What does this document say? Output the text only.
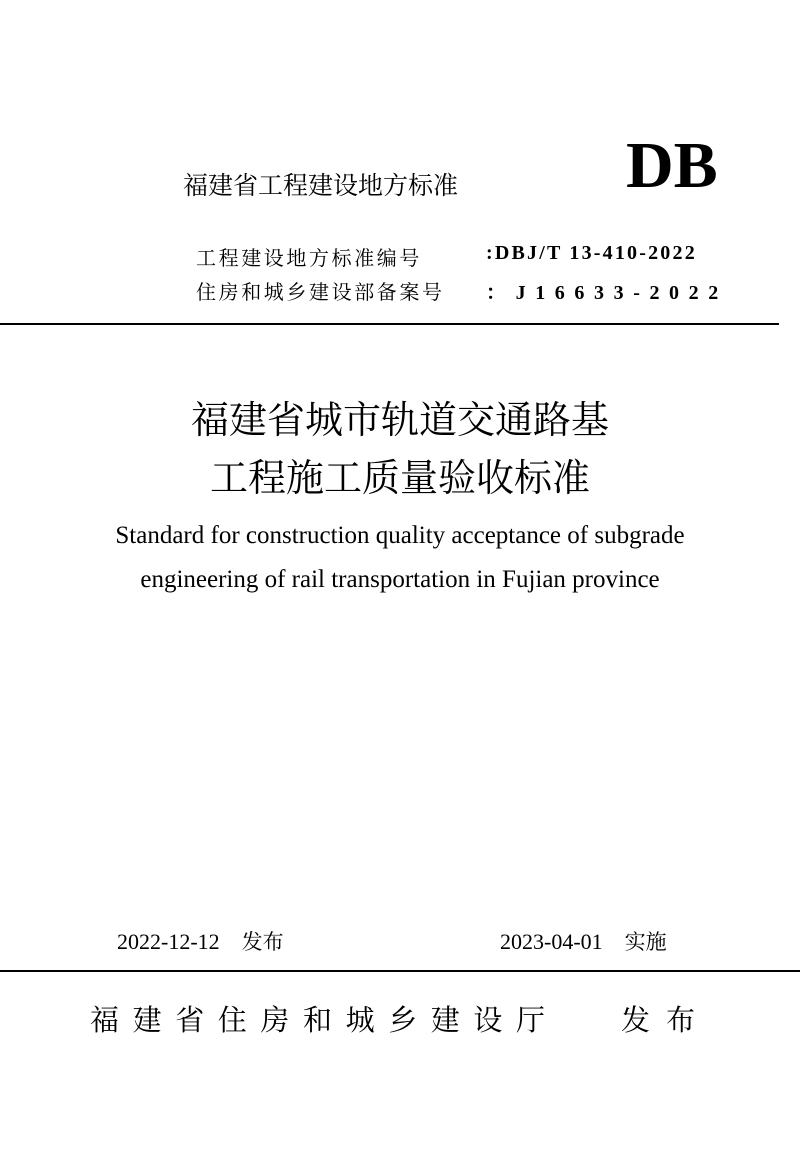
福建省工程建设地方标准	DB
工程建设地方标准编号	:DBJ/T 13-410-2022
住房和城乡建设部备案号 ：J16633-2022
福建省城市轨道交通路基
工程施工质量验收标准
Standard for construction quality acceptance of subgrade
engineering of rail transportation in Fujian province
2022-12-12 发布	2023-04-01 实施
福建省住房和城乡建设厅 发布
